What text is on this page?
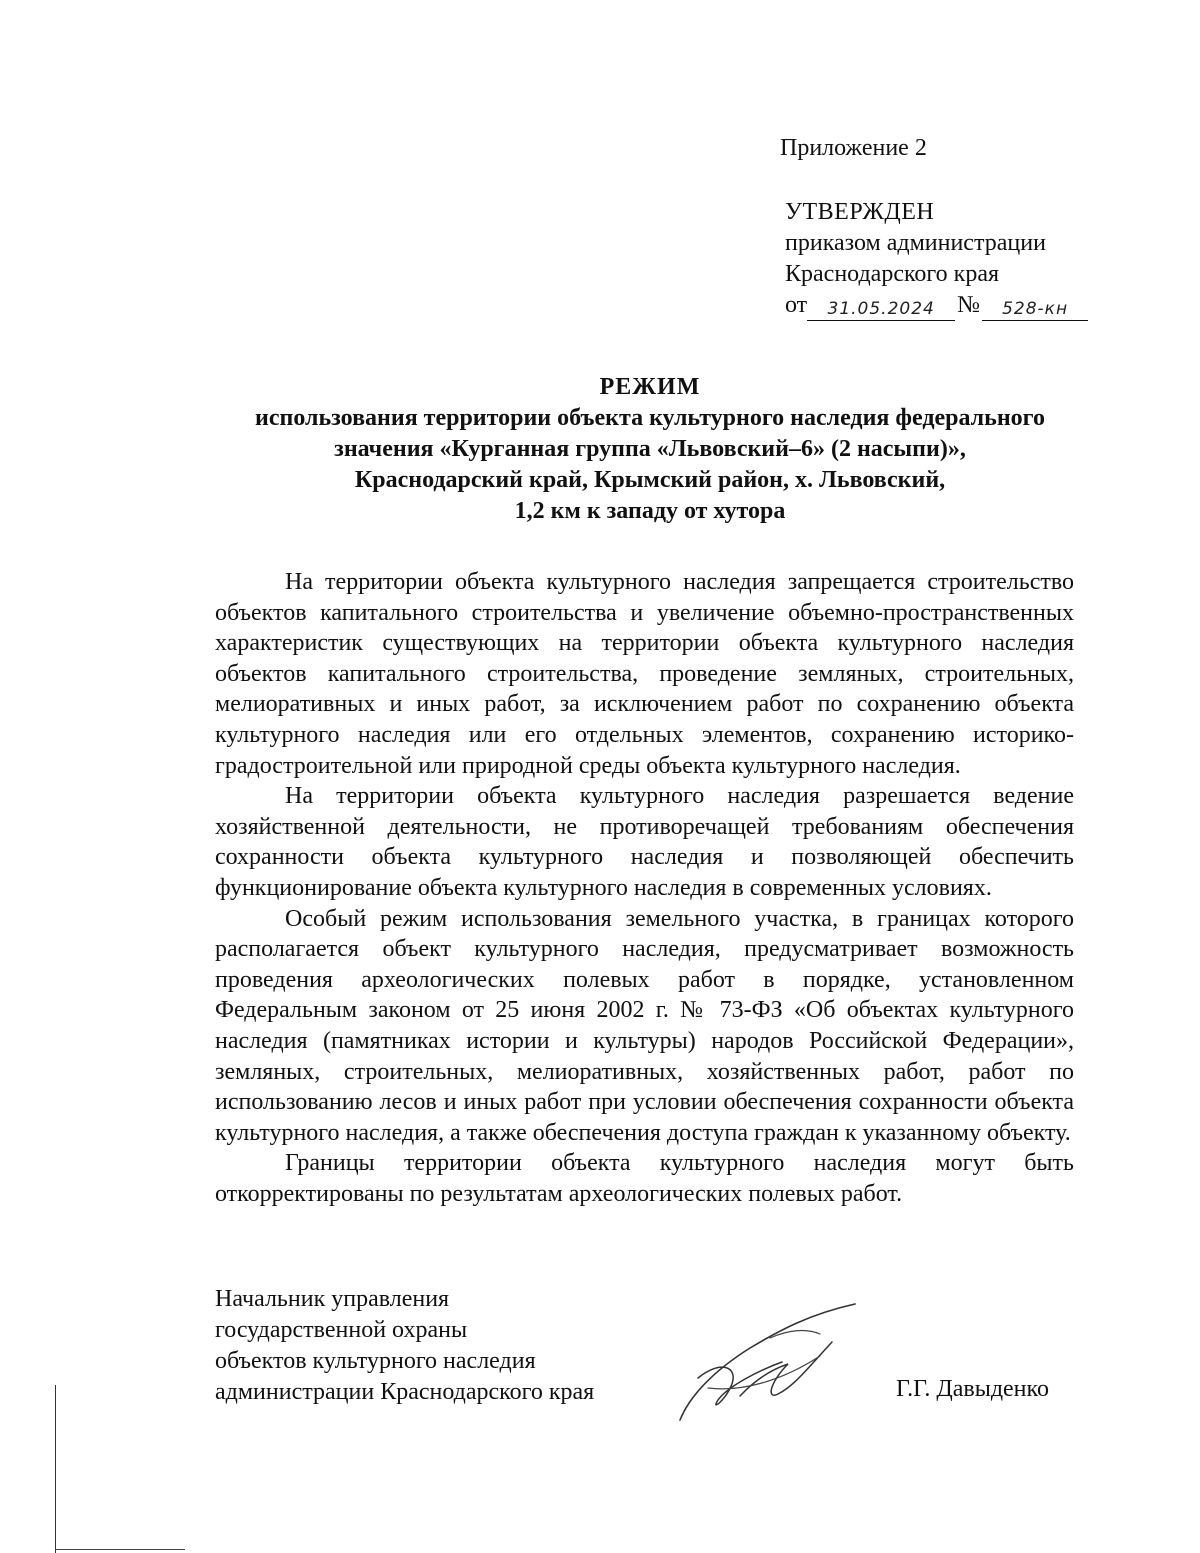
Приложение 2
УТВЕРЖДЕН
приказом администрации
Краснодарского края
от	31.05.2024 №	528-кн
РЕЖИМ
использования территории объекта культурного наследия федерального
значения «Курганная группа «Львовский–6» (2 насыпи)»,
Краснодарский край, Крымский район, х. Львовский,
1,2 км к западу от хутора

На территории объекта культурного наследия запрещается строительство объектов капитального строительства и увеличение объемно-пространственных характеристик существующих на территории объекта культурного наследия объектов капитального строительства, проведение земляных, строительных, мелиоративных и иных работ, за исключением работ по сохранению объекта культурного наследия или его отдельных элементов, сохранению историко-градостроительной или природной среды объекта культурного наследия.

На территории объекта культурного наследия разрешается ведение хозяйственной деятельности, не противоречащей требованиям обеспечения сохранности объекта культурного наследия и позволяющей обеспечить функционирование объекта культурного наследия в современных условиях.

Особый режим использования земельного участка, в границах которого располагается объект культурного наследия, предусматривает возможность проведения археологических полевых работ в порядке, установленном Федеральным законом от 25 июня 2002 г. № 73-ФЗ «Об объектах культурного наследия (памятниках истории и культуры) народов Российской Федерации», земляных, строительных, мелиоративных, хозяйственных работ, работ по использованию лесов и иных работ при условии обеспечения сохранности объекта культурного наследия, а также обеспечения доступа граждан к указанному объекту.

Границы территории объекта культурного наследия могут быть откорректированы по результатам археологических полевых работ.

Начальник управления
государственной охраны
объектов культурного наследия
администрации Краснодарского края	Г.Г. Давыденко
